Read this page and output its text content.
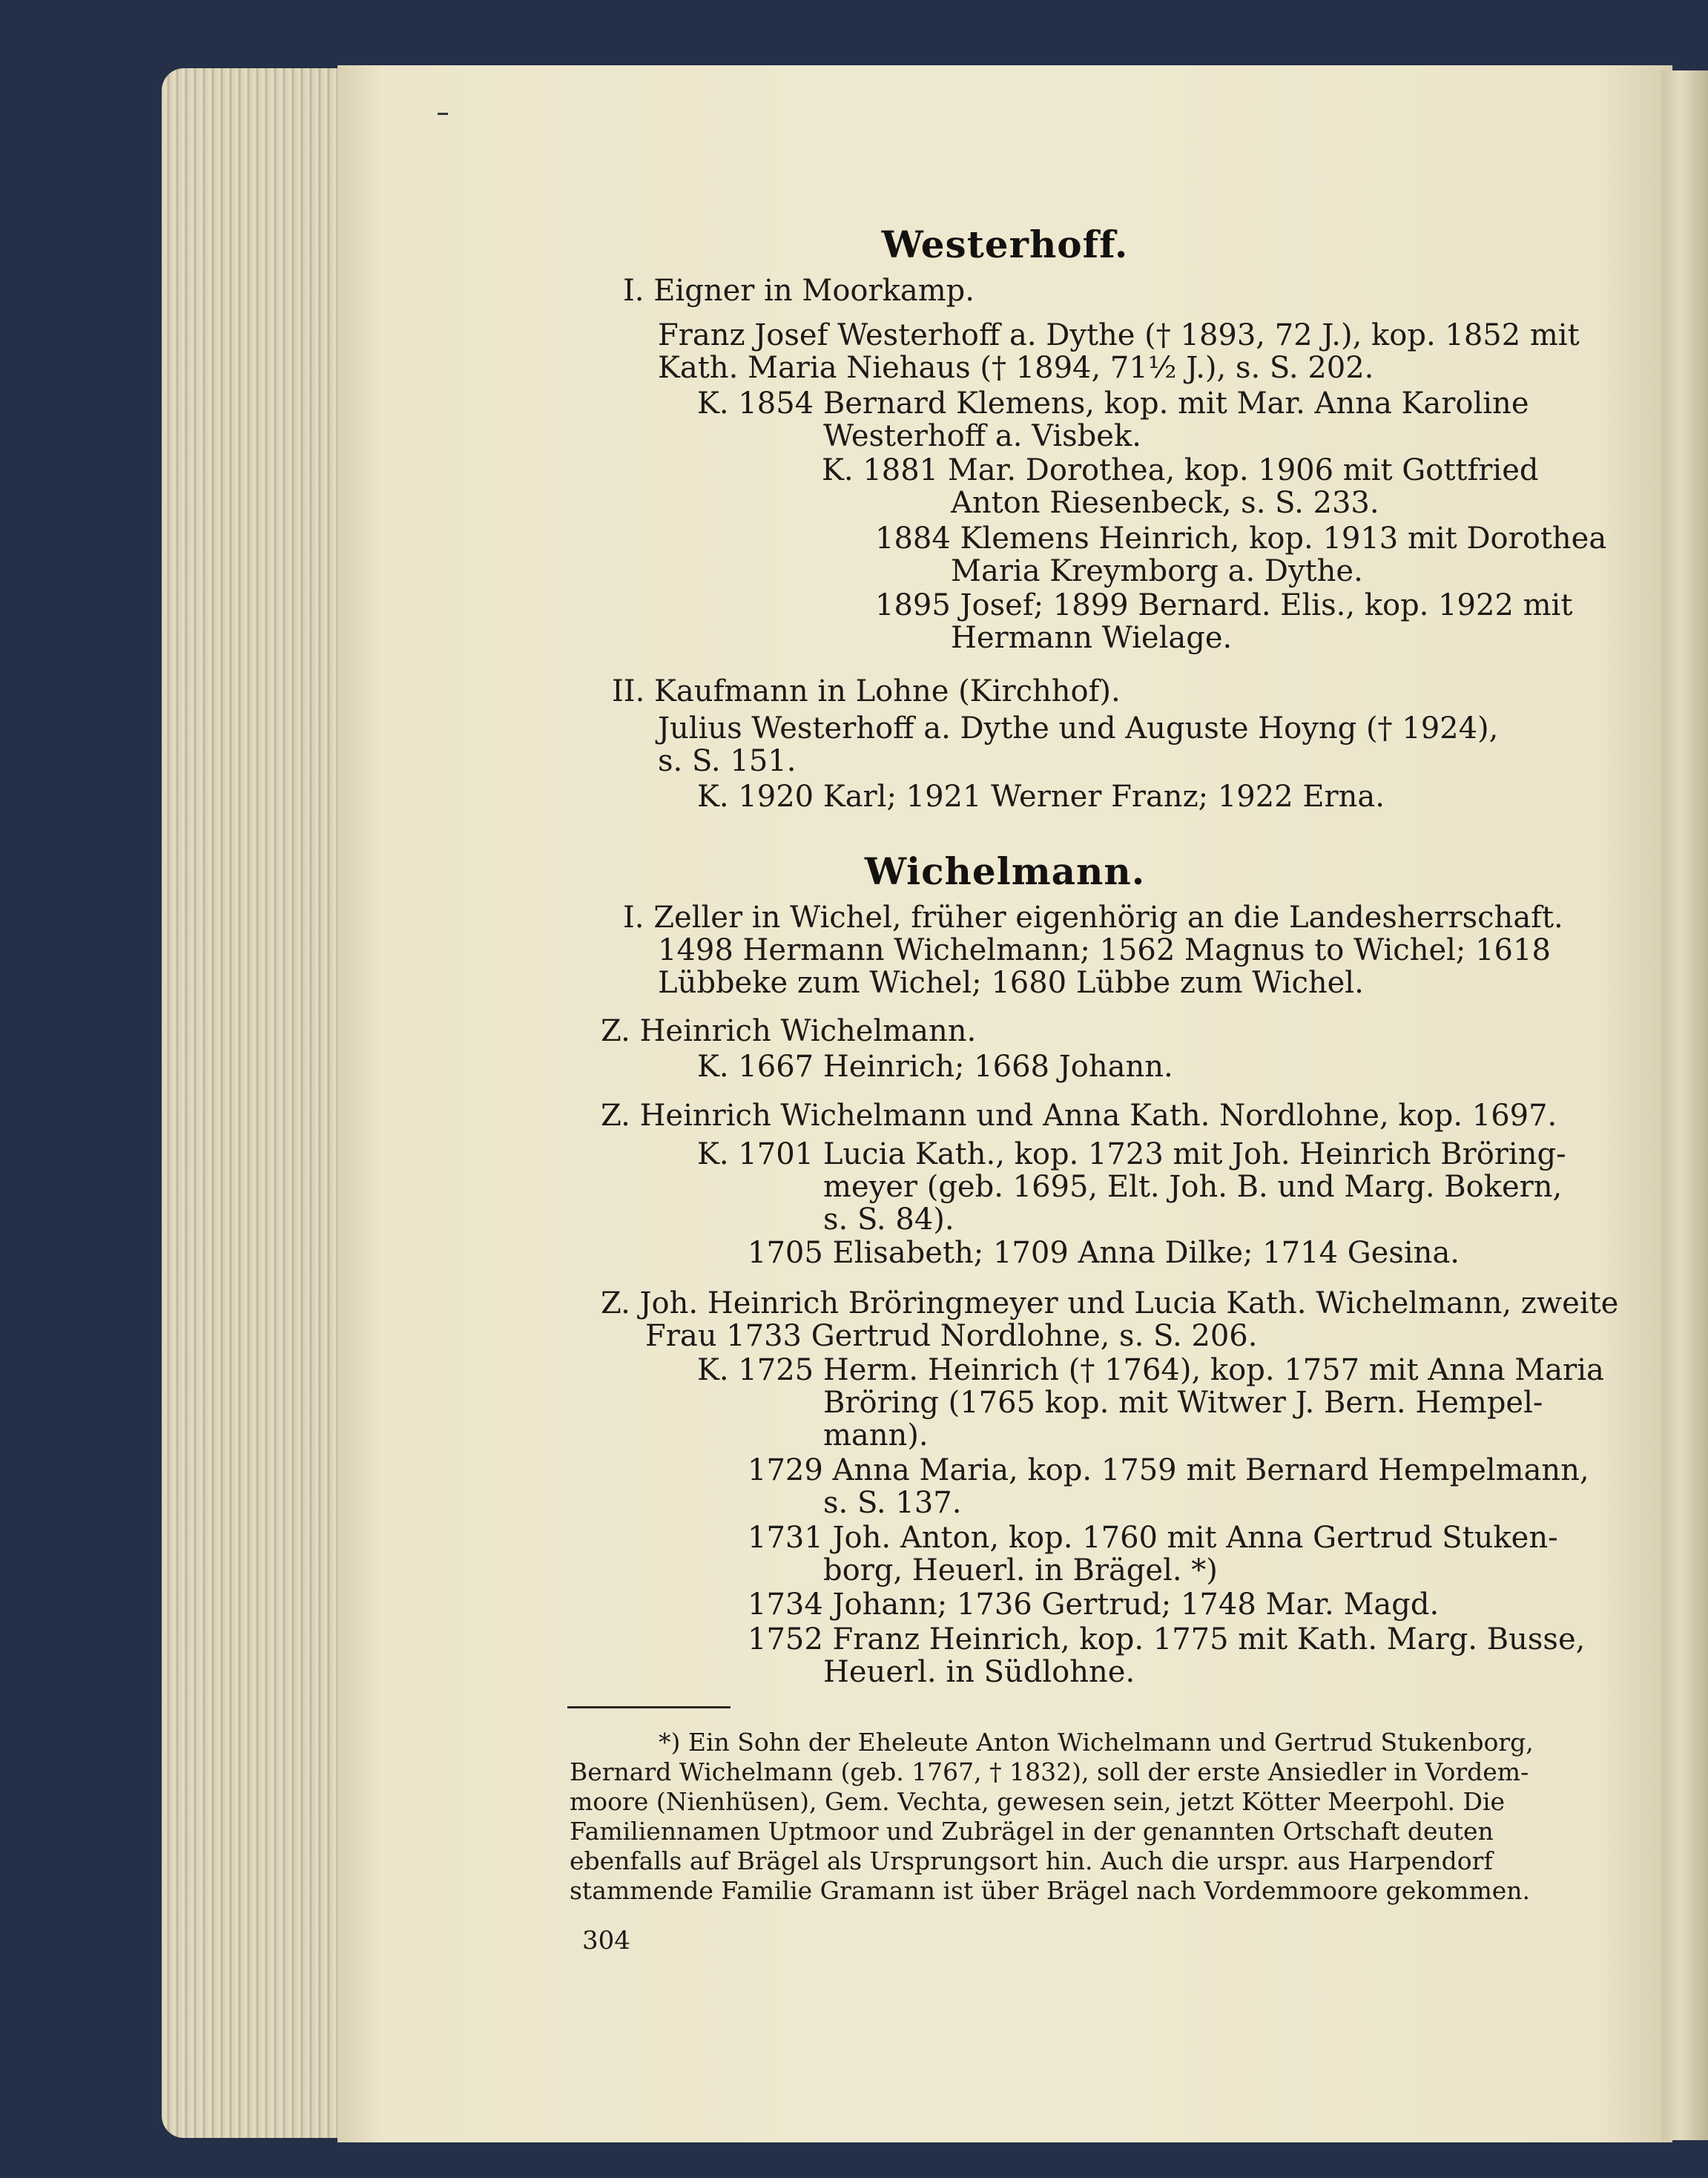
Westerhoff.

I. Eigner in Moorkamp.

Franz Josef Westerhoff a. Dythe († 1893, 72 J.), kop. 1852 mit

Kath. Maria Niehaus († 1894, 71½ J.), s. S. 202.

K. 1854 Bernard Klemens, kop. mit Mar. Anna Karoline

Westerhoff a. Visbek.

K. 1881 Mar. Dorothea, kop. 1906 mit Gottfried

Anton Riesenbeck, s. S. 233.

1884 Klemens Heinrich, kop. 1913 mit Dorothea

Maria Kreymborg a. Dythe.

1895 Josef; 1899 Bernard. Elis., kop. 1922 mit

Hermann Wielage.

II. Kaufmann in Lohne (Kirchhof).

Julius Westerhoff a. Dythe und Auguste Hoyng († 1924),

s. S. 151.

K. 1920 Karl; 1921 Werner Franz; 1922 Erna.

Wichelmann.

I. Zeller in Wichel, früher eigenhörig an die Landesherrschaft.

1498 Hermann Wichelmann; 1562 Magnus to Wichel; 1618

Lübbeke zum Wichel; 1680 Lübbe zum Wichel.

Z. Heinrich Wichelmann.

K. 1667 Heinrich; 1668 Johann.

Z. Heinrich Wichelmann und Anna Kath. Nordlohne, kop. 1697.

K. 1701 Lucia Kath., kop. 1723 mit Joh. Heinrich Bröring-

meyer (geb. 1695, Elt. Joh. B. und Marg. Bokern,

s. S. 84).

1705 Elisabeth; 1709 Anna Dilke; 1714 Gesina.

Z. Joh. Heinrich Bröringmeyer und Lucia Kath. Wichelmann, zweite

Frau 1733 Gertrud Nordlohne, s. S. 206.

K. 1725 Herm. Heinrich († 1764), kop. 1757 mit Anna Maria

Bröring (1765 kop. mit Witwer J. Bern. Hempel-

mann).

1729 Anna Maria, kop. 1759 mit Bernard Hempelmann,

s. S. 137.

1731 Joh. Anton, kop. 1760 mit Anna Gertrud Stuken-

borg, Heuerl. in Brägel. *)

1734 Johann; 1736 Gertrud; 1748 Mar. Magd.

1752 Franz Heinrich, kop. 1775 mit Kath. Marg. Busse,

Heuerl. in Südlohne.

*) Ein Sohn der Eheleute Anton Wichelmann und Gertrud Stukenborg,

Bernard Wichelmann (geb. 1767, † 1832), soll der erste Ansiedler in Vordem-

moore (Nienhüsen), Gem. Vechta, gewesen sein, jetzt Kötter Meerpohl. Die

Familiennamen Uptmoor und Zubrägel in der genannten Ortschaft deuten

ebenfalls auf Brägel als Ursprungsort hin. Auch die urspr. aus Harpendorf

stammende Familie Gramann ist über Brägel nach Vordemmoore gekommen.

304
